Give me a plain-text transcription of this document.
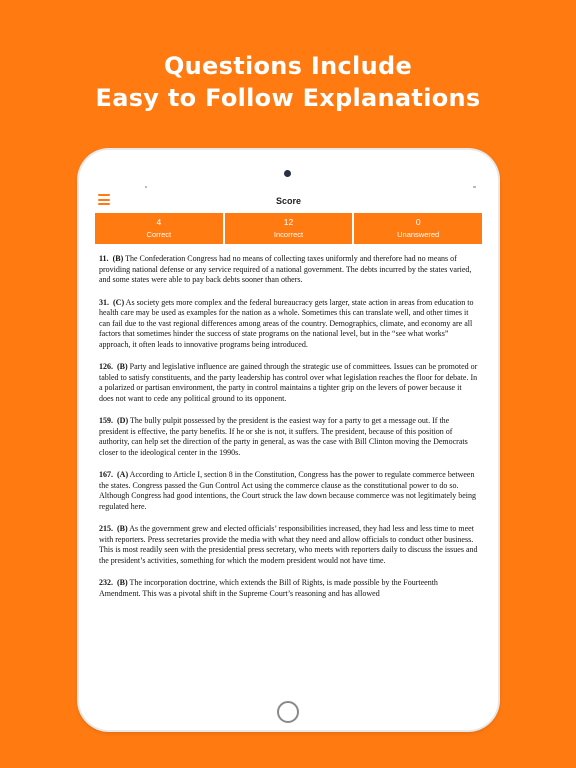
Questions Include
Easy to Follow Explanations
Score
4
Correct
12
Incorrect
0
Unanswered

11. (B) The Confederation Congress had no means of collecting taxes uniformly and therefore had no means of providing national defense or any service required of a national government. The debts incurred by the states varied, and some states were able to pay back debts sooner than others.

31. (C) As society gets more complex and the federal bureaucracy gets larger, state action in areas from education to health care may be used as examples for the nation as a whole. Sometimes this can translate well, and other times it can fail due to the vast regional differences among areas of the country. Demographics, climate, and economy are all factors that sometimes hinder the success of state programs on the national level, but in the “see what works” approach, it often leads to innovative programs being introduced.

126. (B) Party and legislative influence are gained through the strategic use of committees. Issues can be promoted or tabled to satisfy constituents, and the party leadership has control over what legislation reaches the floor for debate. In a polarized or partisan environment, the party in control maintains a tighter grip on the levers of power because it does not want to cede any political ground to its opponent.

159. (D) The bully pulpit possessed by the president is the easiest way for a party to get a message out. If the president is effective, the party benefits. If he or she is not, it suffers. The president, because of this position of authority, can help set the direction of the party in general, as was the case with Bill Clinton moving the Democrats closer to the ideological center in the 1990s.

167. (A) According to Article I, section 8 in the Constitution, Congress has the power to regulate commerce between the states. Congress passed the Gun Control Act using the commerce clause as the constitutional power to do so. Although Congress had good intentions, the Court struck the law down because commerce was not legitimately being regulated here.

215. (B) As the government grew and elected officials’ responsibilities increased, they had less and less time to meet with reporters. Press secretaries provide the media with what they need and allow officials to conduct other business. This is most readily seen with the presidential press secretary, who meets with reporters daily to discuss the issues and the president’s activities, something for which the modern president would not have time.

232. (B) The incorporation doctrine, which extends the Bill of Rights, is made possible by the Fourteenth Amendment. This was a pivotal shift in the Supreme Court’s reasoning and has allowed
